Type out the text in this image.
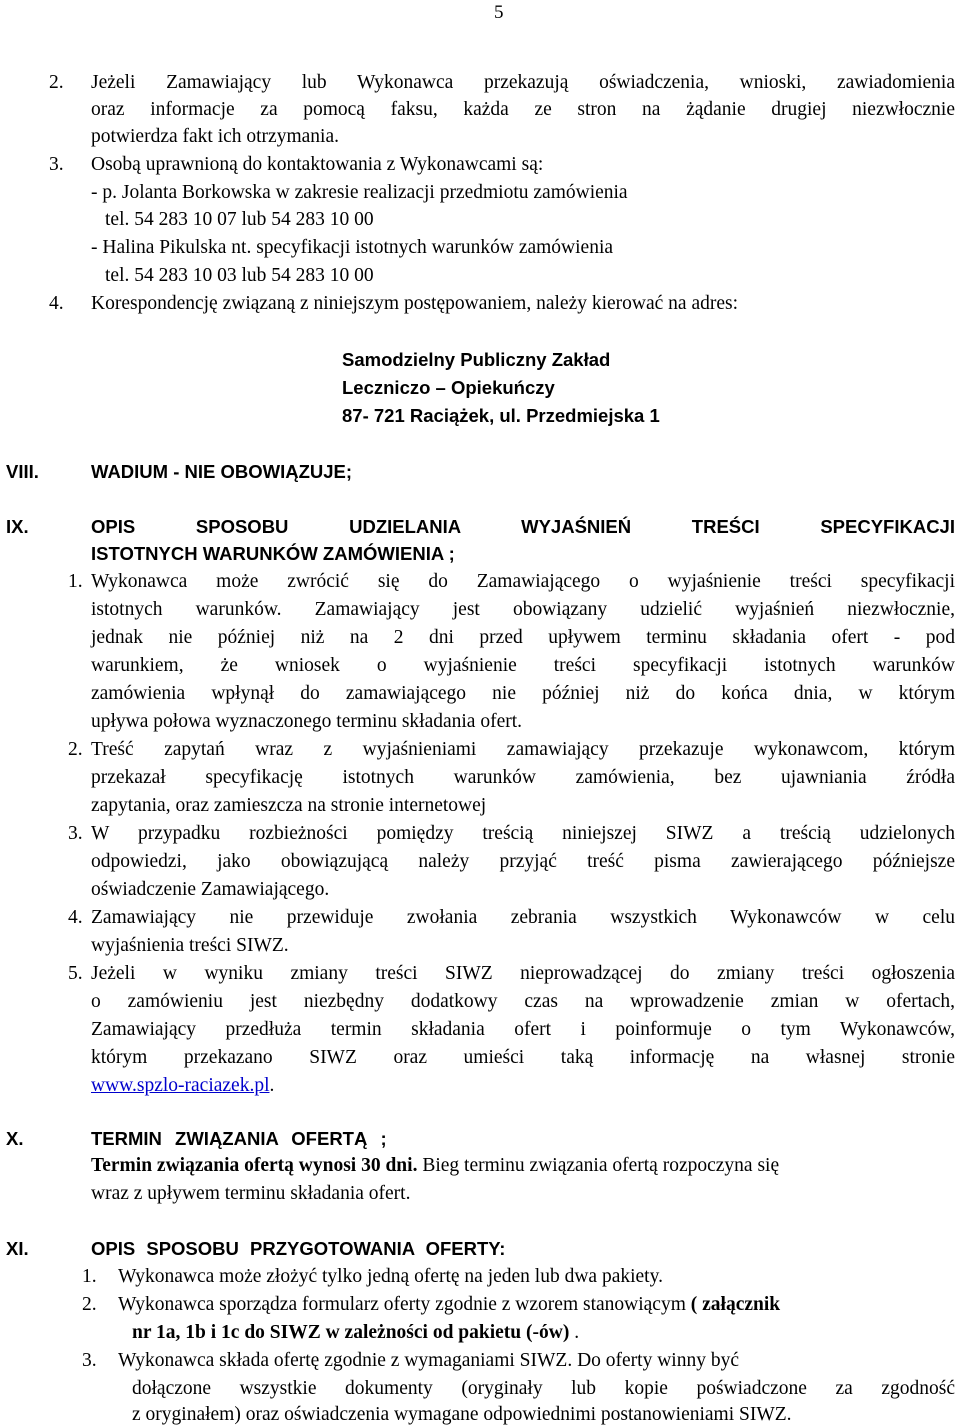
5
2. Jeżeli Zamawiający lub Wykonawca przekazują oświadczenia, wnioski, zawiadomienia
oraz informacje za pomocą faksu, każda ze stron na żądanie drugiej niezwłocznie
potwierdza fakt ich otrzymania.
3. Osobą uprawnioną do kontaktowania z Wykonawcami są:
- p. Jolanta Borkowska w zakresie realizacji przedmiotu zamówienia
tel. 54 283 10 07 lub 54 283 10 00
- Halina Pikulska nt. specyfikacji istotnych warunków zamówienia
tel. 54 283 10 03 lub 54 283 10 00
4. Korespondencję związaną z niniejszym postępowaniem, należy kierować na adres:
Samodzielny Publiczny Zakład
Leczniczo – Opiekuńczy
87- 721 Raciążek, ul. Przedmiejska 1
VIII.	WADIUM - NIE OBOWIĄZUJE;
IX.	OPIS SPOSOBU UDZIELANIA WYJAŚNIEŃ TREŚCI SPECYFIKACJI
ISTOTNYCH WARUNKÓW ZAMÓWIENIA ;
1. Wykonawca może zwrócić się do Zamawiającego o wyjaśnienie treści specyfikacji
istotnych warunków. Zamawiający jest obowiązany udzielić wyjaśnień niezwłocznie,
jednak nie później niż na 2 dni przed upływem terminu składania ofert - pod
warunkiem, że wniosek o wyjaśnienie treści specyfikacji istotnych warunków
zamówienia wpłynął do zamawiającego nie później niż do końca dnia, w którym
upływa połowa wyznaczonego terminu składania ofert.
2. Treść zapytań wraz z wyjaśnieniami zamawiający przekazuje wykonawcom, którym
przekazał specyfikację istotnych warunków zamówienia, bez ujawniania źródła
zapytania, oraz zamieszcza na stronie internetowej
3. W przypadku rozbieżności pomiędzy treścią niniejszej SIWZ a treścią udzielonych
odpowiedzi, jako obowiązującą należy przyjąć treść pisma zawierającego późniejsze
oświadczenie Zamawiającego.
4. Zamawiający nie przewiduje zwołania zebrania wszystkich Wykonawców w celu
wyjaśnienia treści SIWZ.
5. Jeżeli w wyniku zmiany treści SIWZ nieprowadzącej do zmiany treści ogłoszenia
o zamówieniu jest niezbędny dodatkowy czas na wprowadzenie zmian w ofertach,
Zamawiający przedłuża termin składania ofert i poinformuje o tym Wykonawców,
którym przekazano SIWZ oraz umieści taką informację na własnej stronie
www.spzlo-raciazek.pl.
X.	TERMIN ZWIĄZANIA OFERTĄ ;
Termin związania ofertą wynosi 30 dni. Bieg terminu związania ofertą rozpoczyna się
wraz z upływem terminu składania ofert.
XI.	OPIS SPOSOBU PRZYGOTOWANIA OFERTY:
1. Wykonawca może złożyć tylko jedną ofertę na jeden lub dwa pakiety.
2. Wykonawca sporządza formularz oferty zgodnie z wzorem stanowiącym ( załącznik
nr 1a, 1b i 1c do SIWZ w zależności od pakietu (-ów) .
3. Wykonawca składa ofertę zgodnie z wymaganiami SIWZ. Do oferty winny być
dołączone wszystkie dokumenty (oryginały lub kopie poświadczone za zgodność
z oryginałem) oraz oświadczenia wymagane odpowiednimi postanowieniami SIWZ.
